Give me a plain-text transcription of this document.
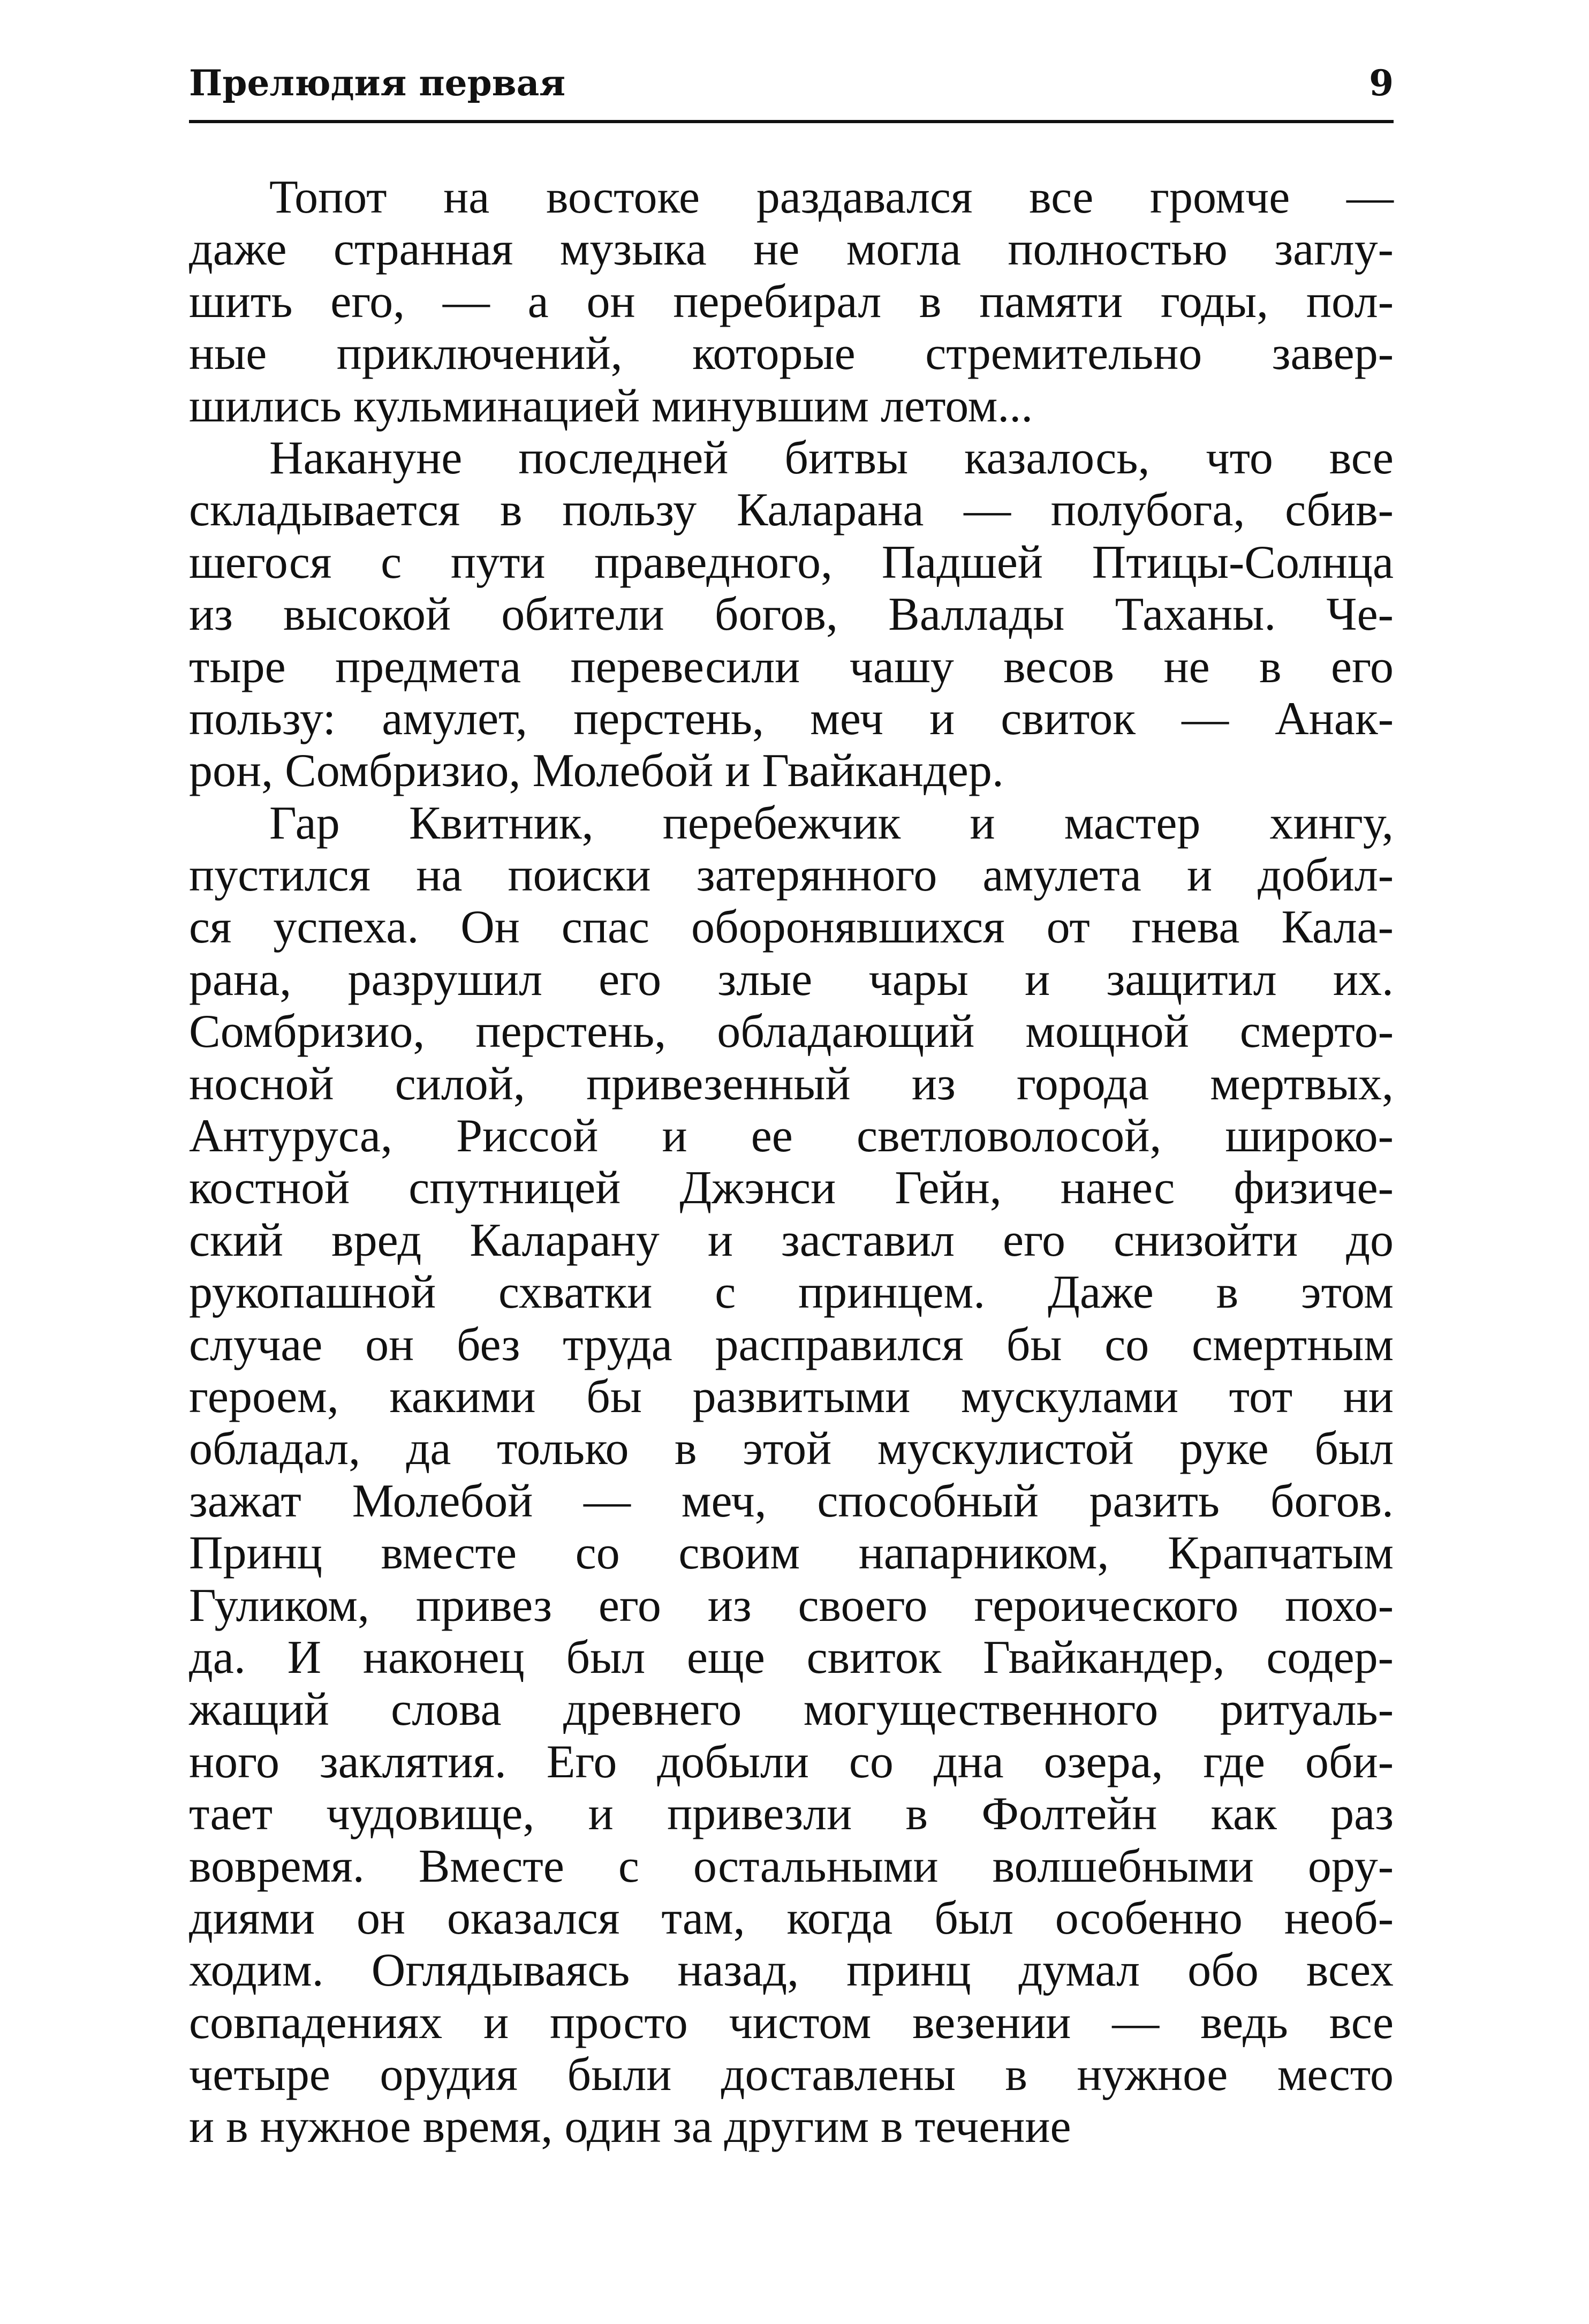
Прелюдия первая	9
Топот на востоке раздавался все громче —
даже странная музыка не могла полностью заглу-
шить его, — а он перебирал в памяти годы, пол-
ные приключений, которые стремительно завер-
шились кульминацией минувшим летом...
Накануне последней битвы казалось, что все
складывается в пользу Каларана — полубога, сбив-
шегося с пути праведного, Падшей Птицы-Солнца
из высокой обители богов, Валлады Таханы. Че-
тыре предмета перевесили чашу весов не в его
пользу: амулет, перстень, меч и свиток — Анак-
рон, Сомбризио, Молебой и Гвайкандер.
Гар Квитник, перебежчик и мастер хингу,
пустился на поиски затерянного амулета и добил-
ся успеха. Он спас оборонявшихся от гнева Кала-
рана, разрушил его злые чары и защитил их.
Сомбризио, перстень, обладающий мощной смерто-
носной силой, привезенный из города мертвых,
Антуруса, Риссой и ее светловолосой, широко-
костной спутницей Джэнси Гейн, нанес физиче-
ский вред Каларану и заставил его снизойти до
рукопашной схватки с принцем. Даже в этом
случае он без труда расправился бы со смертным
героем, какими бы развитыми мускулами тот ни
обладал, да только в этой мускулистой руке был
зажат Молебой — меч, способный разить богов.
Принц вместе со своим напарником, Крапчатым
Гуликом, привез его из своего героического похо-
да. И наконец был еще свиток Гвайкандер, содер-
жащий слова древнего могущественного ритуаль-
ного заклятия. Его добыли со дна озера, где оби-
тает чудовище, и привезли в Фолтейн как раз
вовремя. Вместе с остальными волшебными ору-
диями он оказался там, когда был особенно необ-
ходим. Оглядываясь назад, принц думал обо всех
совпадениях и просто чистом везении — ведь все
четыре орудия были доставлены в нужное место
и в нужное время, один за другим в течение
